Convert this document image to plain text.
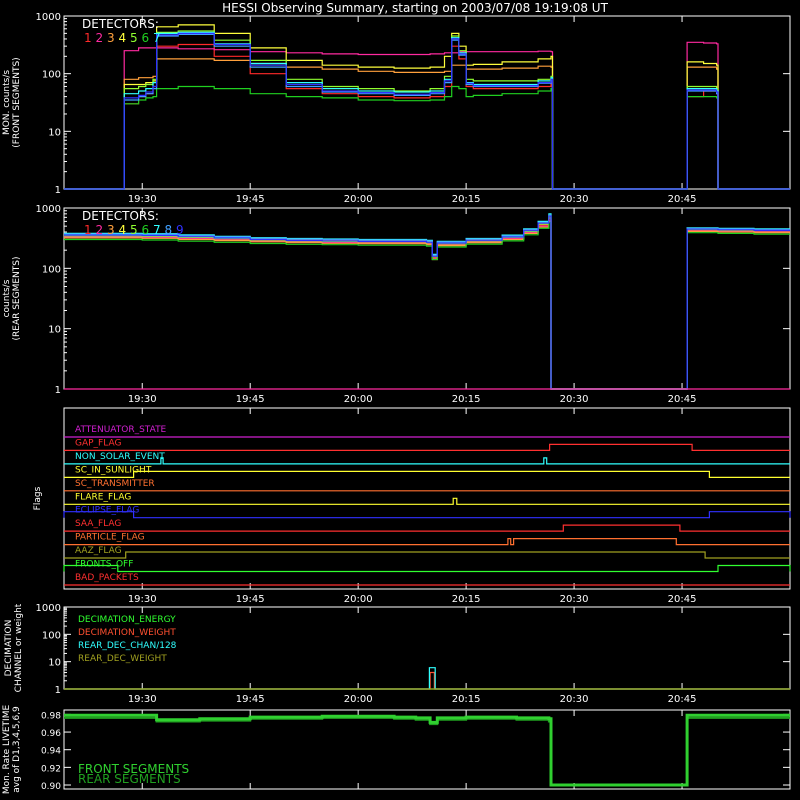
HESSI Observing Summary, starting on 2003/07/08 19:19:08 UT
19:30	19:45	20:00	20:15	20:30	20:45
1
10
100
1000
MON. counts/s (FRONT SEGMENTS)
DETECTORS:
1 2 3 4 5 6 7
19:30	19:45	20:00	20:15	20:30	20:45
1
10
100
1000
counts/s (REAR SEGMENTS)
DETECTORS:
1 2 3 4 5 6 7 8 9
19:30	19:45	20:00	20:15	20:30	20:45
Flags
ATTENUATOR_STATE
GAP_FLAG
NON_SOLAR_EVENT
SC_IN_SUNLIGHT
SC_TRANSMITTER
FLARE_FLAG
ECLIPSE_FLAG
SAA_FLAG
PARTICLE_FLAG
AAZ_FLAG
FRONTS_OFF
BAD_PACKETS
19:30	19:45	20:00	20:15	20:30	20:45
1
10
100
1000
DECIMATION CHANNEL or weight	DECIMATION_ENERGY
DECIMATION_WEIGHT
REAR_DEC_CHAN/128
REAR_DEC_WEIGHT
0.90
0.92
0.94
0.96
0.98
Mon. Rate LIVETIME avg of D1,3,4,5,6,9	FRONT SEGMENTS
REAR SEGMENTS
